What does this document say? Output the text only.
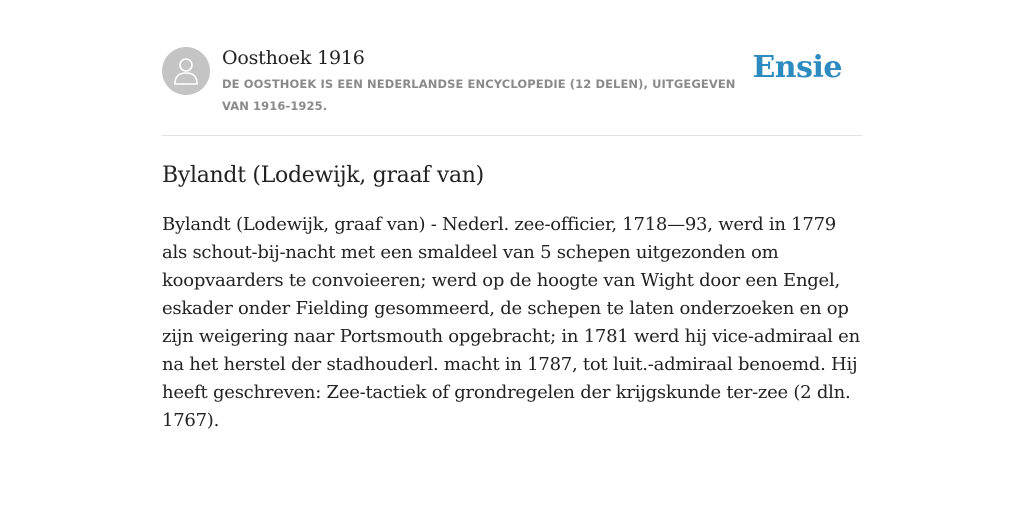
Oosthoek 1916
DE OOSTHOEK IS EEN NEDERLANDSE ENCYCLOPEDIE (12 DELEN), UITGEGEVEN VAN 1916-1925.
Ensie
Bylandt (Lodewijk, graaf van)
Bylandt (Lodewijk, graaf van) - Nederl. zee-officier, 1718—93, werd in 1779 als schout-bij-nacht met een smaldeel van 5 schepen uitgezonden om koopvaarders te convoieeren; werd op de hoogte van Wight door een Engel, eskader onder Fielding gesommeerd, de schepen te laten onderzoeken en op zijn weigering naar Portsmouth opgebracht; in 1781 werd hij vice-admiraal en na het herstel der stadhouderl. macht in 1787, tot luit.-admiraal benoemd. Hij heeft geschreven: Zee-tactiek of grondregelen der krijgskunde ter-zee (2 dln. 1767).
